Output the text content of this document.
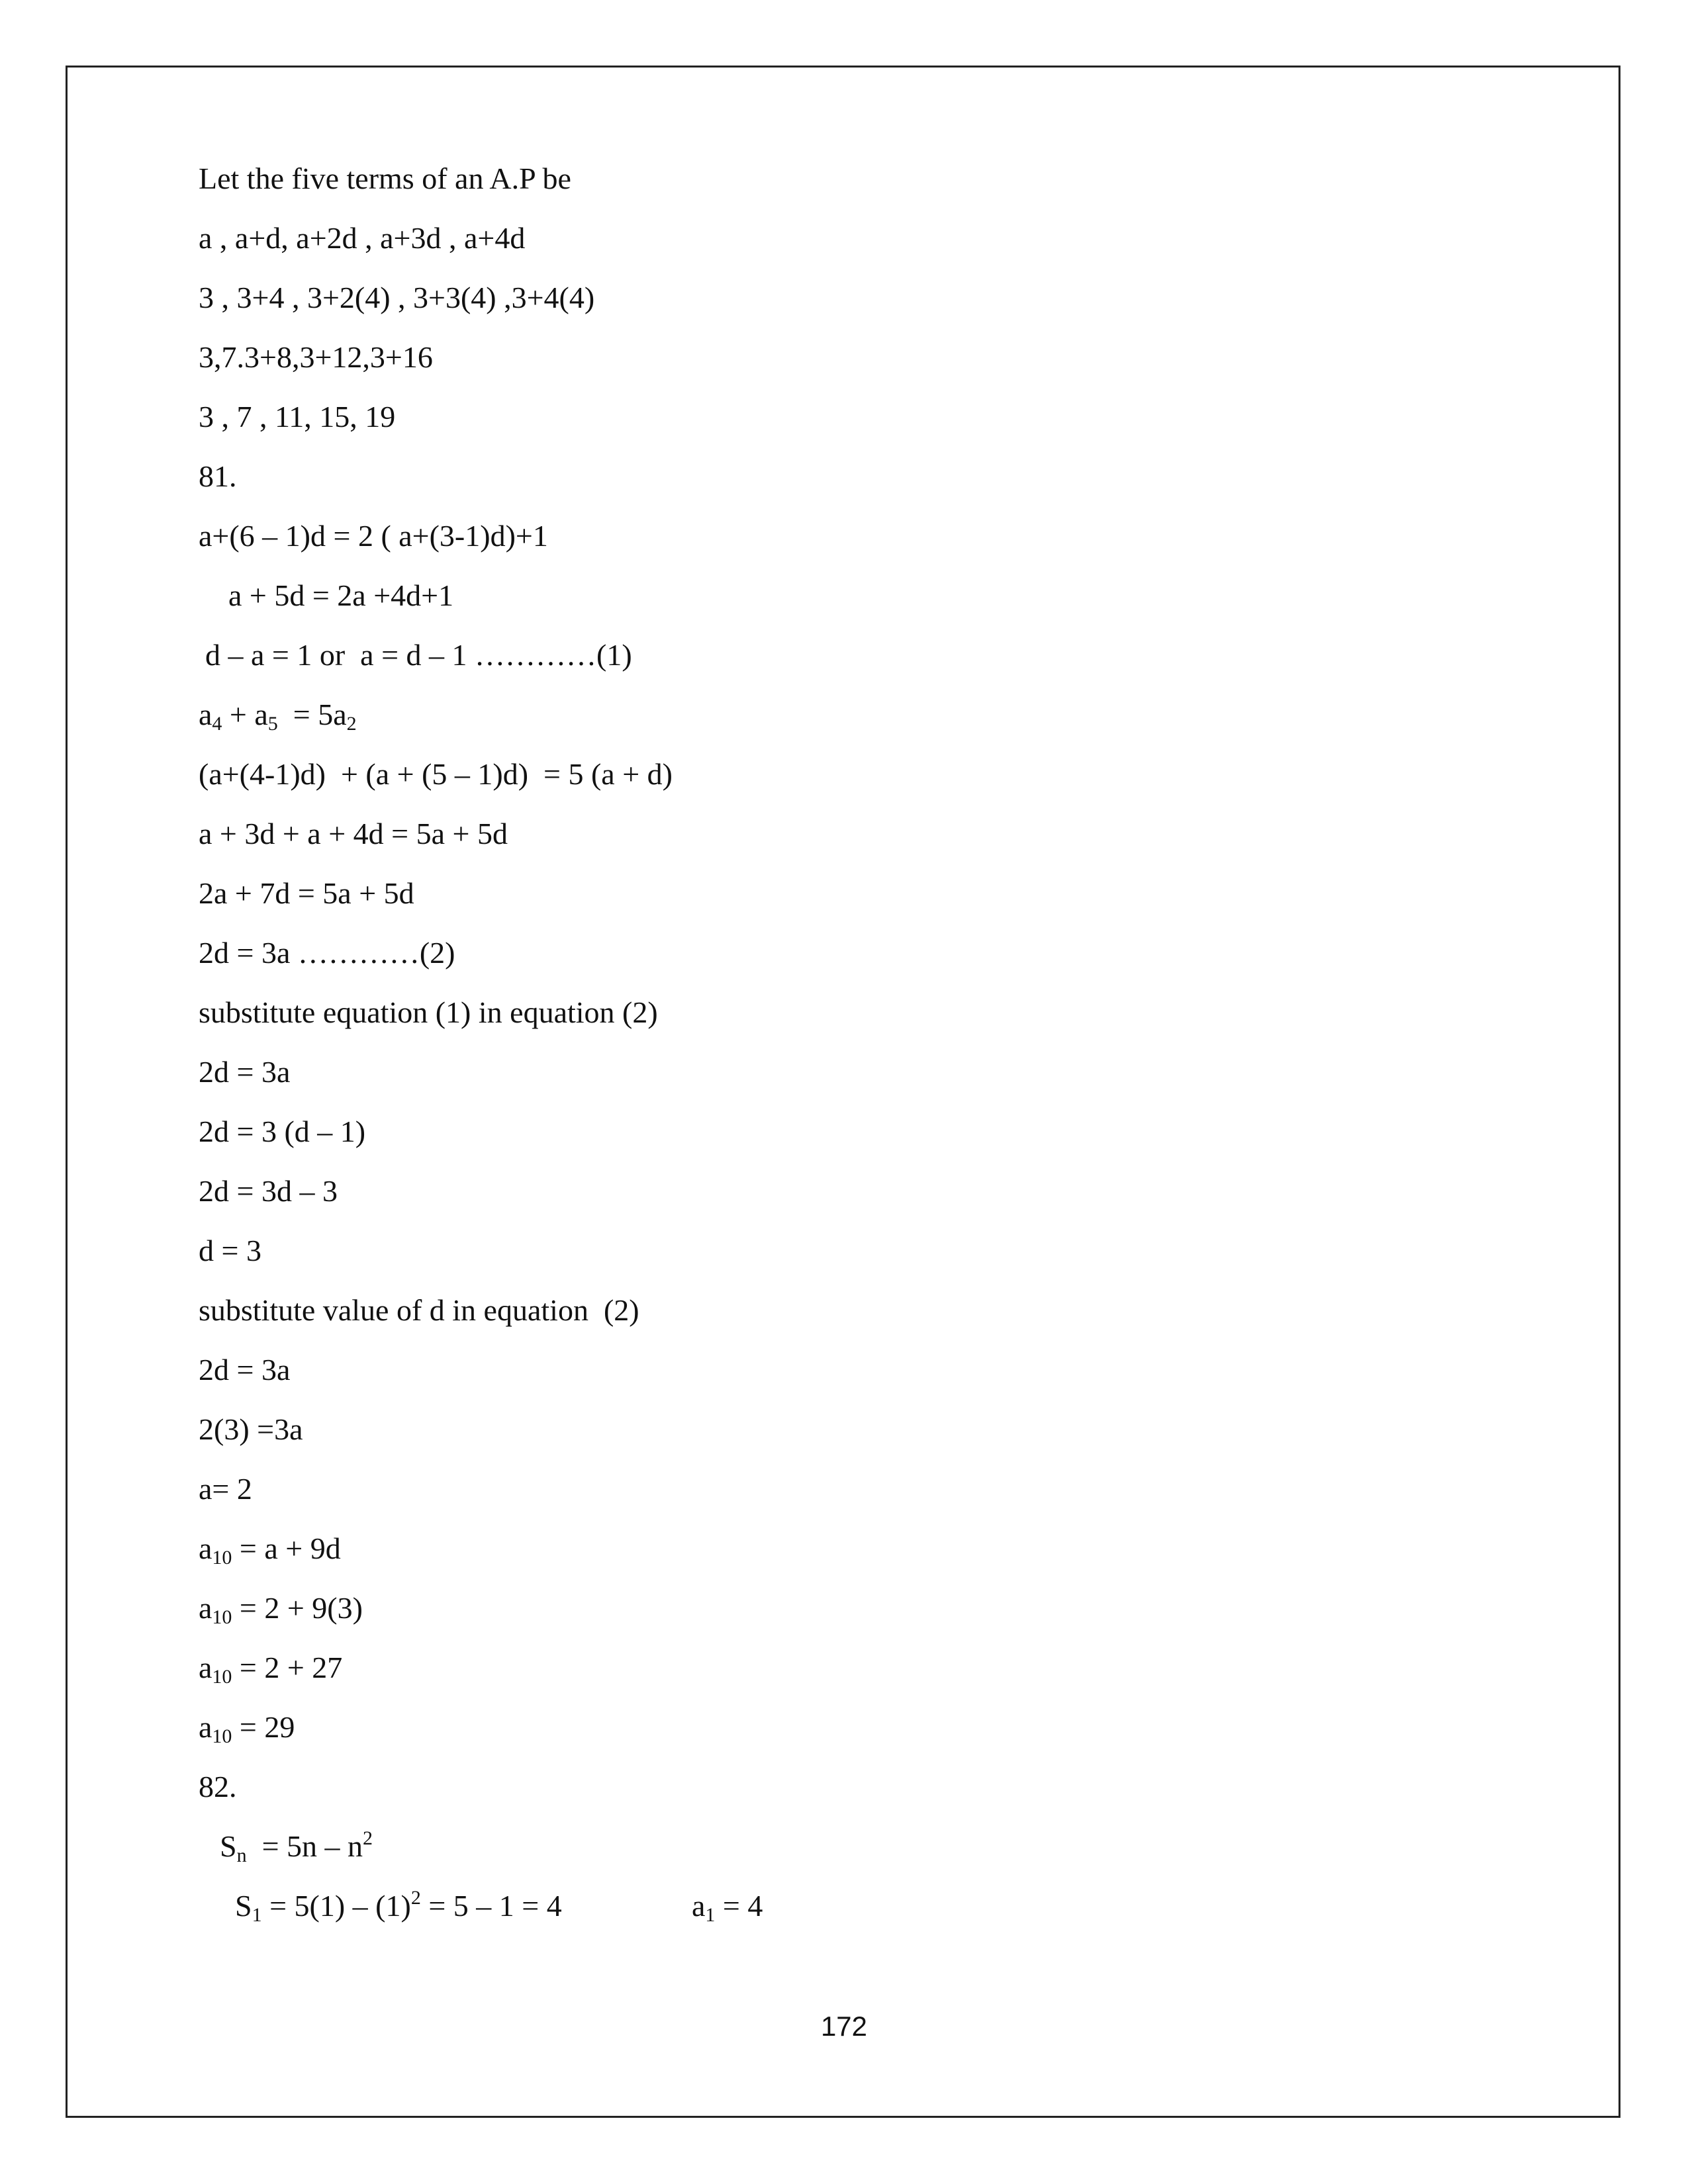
Let the five terms of an A.P be
a , a+d, a+2d , a+3d , a+4d
3 , 3+4 , 3+2(4) , 3+3(4) ,3+4(4)
3,7.3+8,3+12,3+16
3 , 7 , 11, 15, 19
81.
a+(6 – 1)d = 2 ( a+(3-1)d)+1
a + 5d = 2a +4d+1
d – a = 1 or  a = d – 1 …………(1)
$a_4 + a_5 = 5a_2$
(a+(4-1)d)  + (a + (5 – 1)d)  = 5 (a + d)
a + 3d + a + 4d = 5a + 5d
2a + 7d = 5a + 5d
2d = 3a …………(2)
substitute equation (1) in equation (2)
2d = 3a
2d = 3 (d – 1)
2d = 3d – 3
d = 3
substitute value of d in equation  (2)
2d = 3a
2(3) =3a
a= 2
$a_{10} = a + 9d$
$a_{10} = 2 + 9(3)$
$a_{10} = 2 + 27$
$a_{10} = 29$
82.
$S_n = 5n - n^2$
$S_1 = 5(1) - (1)^2 = 5 - 1 = 4$	$a_1 = 4$
172
